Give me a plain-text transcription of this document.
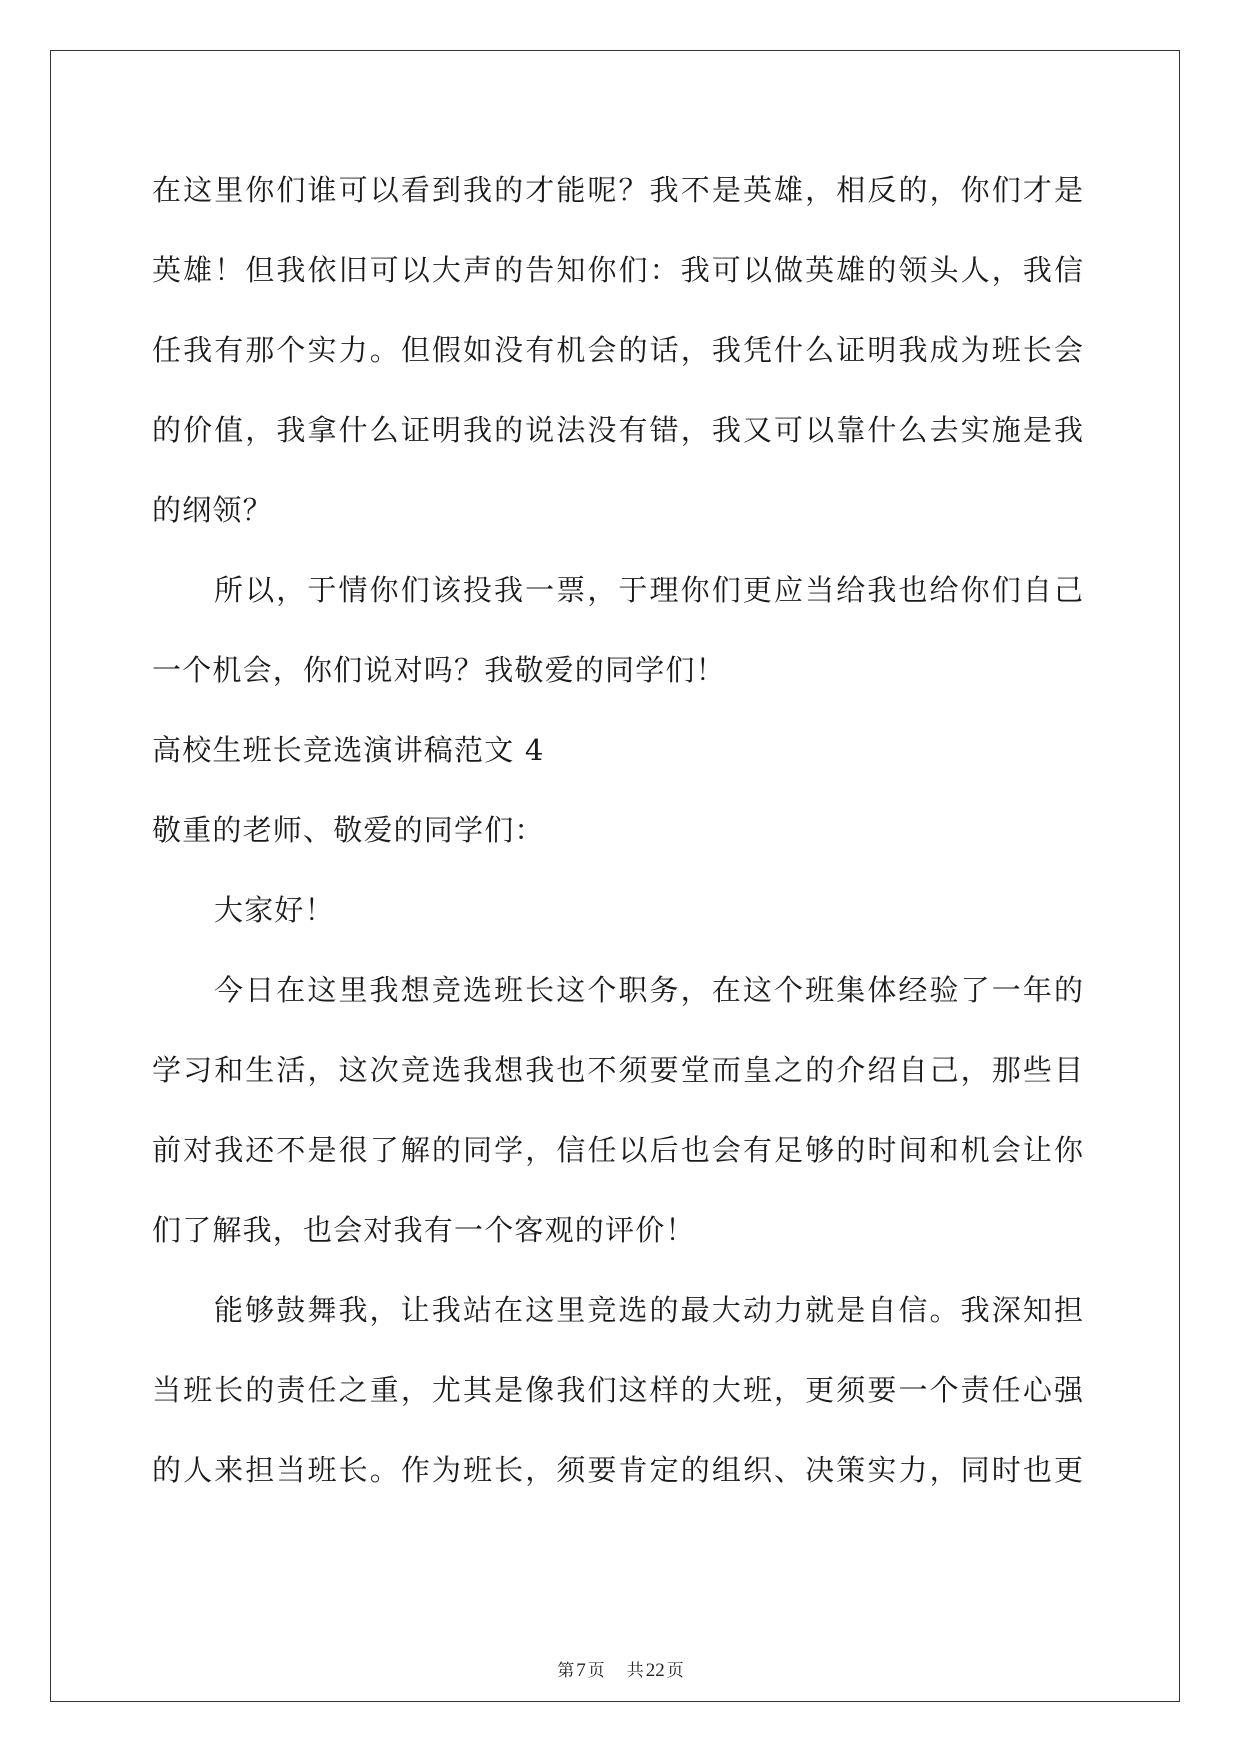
在这里你们谁可以看到我的才能呢？我不是英雄，相反的，你们才是
英雄！但我依旧可以大声的告知你们：我可以做英雄的领头人，我信
任我有那个实力。但假如没有机会的话，我凭什么证明我成为班长会
的价值，我拿什么证明我的说法没有错，我又可以靠什么去实施是我
的纲领？
所以，于情你们该投我一票，于理你们更应当给我也给你们自己
一个机会，你们说对吗？我敬爱的同学们！
高校生班长竞选演讲稿范文 4
敬重的老师、敬爱的同学们：
大家好！
今日在这里我想竞选班长这个职务，在这个班集体经验了一年的
学习和生活，这次竞选我想我也不须要堂而皇之的介绍自己，那些目
前对我还不是很了解的同学，信任以后也会有足够的时间和机会让你
们了解我，也会对我有一个客观的评价！
能够鼓舞我，让我站在这里竞选的最大动力就是自信。我深知担
当班长的责任之重，尤其是像我们这样的大班，更须要一个责任心强
的人来担当班长。作为班长，须要肯定的组织、决策实力，同时也更
第 7 页 共 22 页
